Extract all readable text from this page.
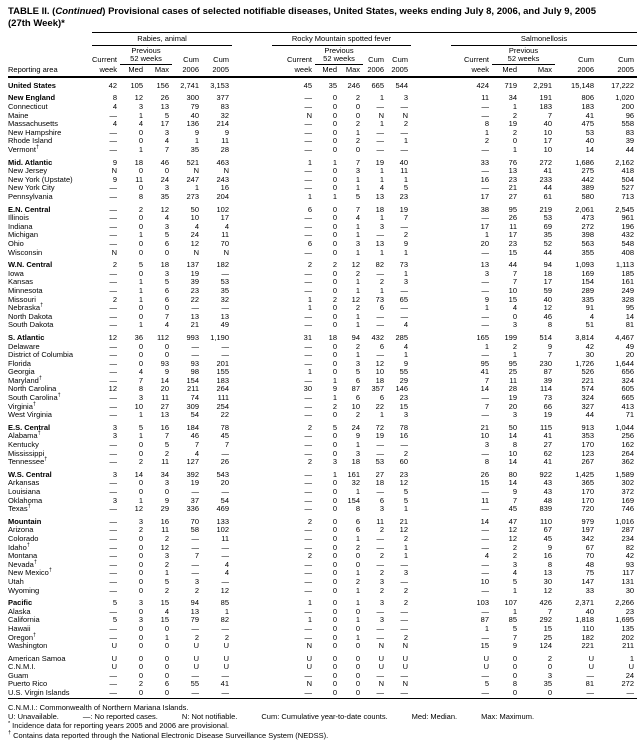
TABLE II. (Continued) Provisional cases of selected notifiable diseases, United States, weeks ending July 8, 2006, and July 9, 2005
(27th Week)*
	Rabies, animal						Rocky Mountain spotted fever						Salmonellosis				
		Previous						Previous						Previous			
	Current	52 weeks		Cum	Cum		Current	52 weeks		Cum	Cum		Current	52 weeks		Cum	Cum
Reporting area	week	Med	Max	2006	2005		week	Med	Max	2006	2005		week	Med	Max	2006	2005
United States	42	105	156	2,741	3,153		45	35	246	665	544		424	719	2,291	15,148	17,222
New England	8	12	26	300	377		—	0	2	1	3		11	34	191	806	1,020
Connecticut	4	3	13	79	83		—	0	0	—	—		—	1	183	183	200
Maine	—	1	5	40	32		N	0	0	N	N		—	2	7	41	96
Massachusetts	4	4	17	136	214		—	0	2	1	2		8	19	40	475	558
New Hampshire	—	0	3	9	9		—	0	1	—	—		1	2	10	53	83
Rhode Island	—	0	4	1	11		—	0	2	—	1		2	0	17	40	39
Vermont†	—	1	7	35	28		—	0	0	—	—		—	1	10	14	44
Mid. Atlantic	9	18	46	521	463		1	1	7	19	40		33	76	272	1,686	2,162
New Jersey	N	0	0	N	N		—	0	3	1	11		—	13	41	275	418
New York (Upstate)	9	11	24	247	243		—	0	1	1	1		16	23	233	442	504
New York City	—	0	3	1	16		—	0	1	4	5		—	21	44	389	527
Pennsylvania	—	8	35	273	204		1	1	5	13	23		17	27	61	580	713
E.N. Central	—	2	12	50	102		6	0	7	18	19		38	95	219	2,061	2,545
Illinois	—	0	4	10	17		—	0	4	1	7		—	26	53	473	961
Indiana	—	0	3	4	4		—	0	1	3	—		17	11	69	272	196
Michigan	—	1	5	24	11		—	0	1	—	2		1	17	35	398	432
Ohio	—	0	6	12	70		6	0	3	13	9		20	23	52	563	548
Wisconsin	N	0	0	N	N		—	0	1	1	1		—	15	44	355	408
W.N. Central	2	5	18	137	182		2	2	12	82	73		13	44	94	1,093	1,113
Iowa	—	0	3	19	—		—	0	2	—	1		3	7	18	169	185
Kansas	—	1	5	39	53		—	0	1	2	3		—	7	17	154	161
Minnesota	—	1	6	23	35		—	0	1	1	—		—	10	59	289	249
Missouri	2	1	6	22	32		1	2	12	73	65		9	15	40	335	328
Nebraska†	—	0	0	—	—		1	0	2	6	—		1	4	12	91	95
North Dakota	—	0	7	13	13		—	0	1	—	—		—	0	46	4	14
South Dakota	—	1	4	21	49		—	0	1	—	4		—	3	8	51	81
S. Atlantic	12	36	112	993	1,190		31	18	94	432	285		165	199	514	3,814	4,467
Delaware	—	0	0	—	—		—	0	2	6	4		1	2	9	42	49
District of Columbia	—	0	0	—	—		—	0	1	—	1		—	1	7	30	20
Florida	—	0	93	93	201		—	0	3	12	9		95	95	230	1,726	1,644
Georgia	—	4	9	98	155		1	0	5	10	55		41	25	87	526	656
Maryland†	—	7	14	154	183		—	1	6	18	29		7	11	39	221	324
North Carolina	12	8	20	211	264		30	9	87	357	146		14	28	114	574	605
South Carolina†	—	3	11	74	111		—	1	6	6	23		—	19	73	324	665
Virginia†	—	10	27	309	254		—	2	10	22	15		7	20	66	327	413
West Virginia	—	1	13	54	22		—	0	2	1	3		—	3	19	44	71
E.S. Central	3	5	16	184	78		2	5	24	72	78		21	50	115	913	1,044
Alabama†	3	1	7	46	45		—	0	9	19	16		10	14	41	353	256
Kentucky	—	0	5	7	7		—	0	1	—	—		3	8	27	170	162
Mississippi	—	0	2	4	—		—	0	3	—	2		—	10	62	123	264
Tennessee†	—	2	11	127	26		2	3	18	53	60		8	14	41	267	362
W.S. Central	3	14	34	392	543		—	1	161	27	23		26	80	922	1,425	1,589
Arkansas	—	0	3	19	20		—	0	32	18	12		15	14	43	365	302
Louisiana	—	0	0	—	—		—	0	1	—	5		—	9	43	170	372
Oklahoma	3	1	9	37	54		—	0	154	6	5		11	7	48	170	169
Texas†	—	12	29	336	469		—	0	8	3	1		—	45	839	720	746
Mountain	—	3	16	70	133		2	0	6	11	21		14	47	110	979	1,016
Arizona	—	2	11	58	102		—	0	6	2	12		—	12	67	197	287
Colorado	—	0	2	—	11		—	0	1	—	2		—	12	45	342	234
Idaho†	—	0	12	—	—		—	0	2	—	1		—	2	9	67	82
Montana	—	0	3	7	—		2	0	0	2	1		4	2	16	70	42
Nevada†	—	0	2	—	4		—	0	0	—	—		—	3	8	48	93
New Mexico†	—	0	1	—	4		—	0	1	2	3		—	4	13	75	117
Utah	—	0	5	3	—		—	0	2	3	—		10	5	30	147	131
Wyoming	—	0	2	2	12		—	0	1	2	2		—	1	12	33	30
Pacific	5	3	15	94	85		1	0	1	3	2		103	107	426	2,371	2,266
Alaska	—	0	4	13	1		—	0	0	—	—		—	1	7	40	23
California	5	3	15	79	82		1	0	1	3	—		87	85	292	1,818	1,695
Hawaii	—	0	0	—	—		—	0	0	—	—		1	5	15	110	135
Oregon†	—	0	1	2	2		—	0	1	—	2		—	7	25	182	202
Washington	U	0	0	U	U		N	0	0	N	N		15	9	124	221	211
American Samoa	U	0	0	U	U		U	0	0	U	U		U	0	2	U	1
C.N.M.I.	U	0	0	U	U		U	0	0	U	U		U	0	0	U	U
Guam	—	0	0	—	—		—	0	0	—	—		—	0	3	—	24
Puerto Rico	—	2	6	55	41		N	0	0	N	N		5	8	35	81	272
U.S. Virgin Islands	—	0	0	—	—		—	0	0	—	—		—	0	0	—	—
C.N.M.I.: Commonwealth of Northern Mariana Islands.
U: Unavailable.	—: No reported cases.	N: Not notifiable.	Cum: Cumulative year-to-date counts.	Med: Median.	Max: Maximum.
* Incidence data for reporting years 2005 and 2006 are provisional.
† Contains data reported through the National Electronic Disease Surveillance System (NEDSS).
